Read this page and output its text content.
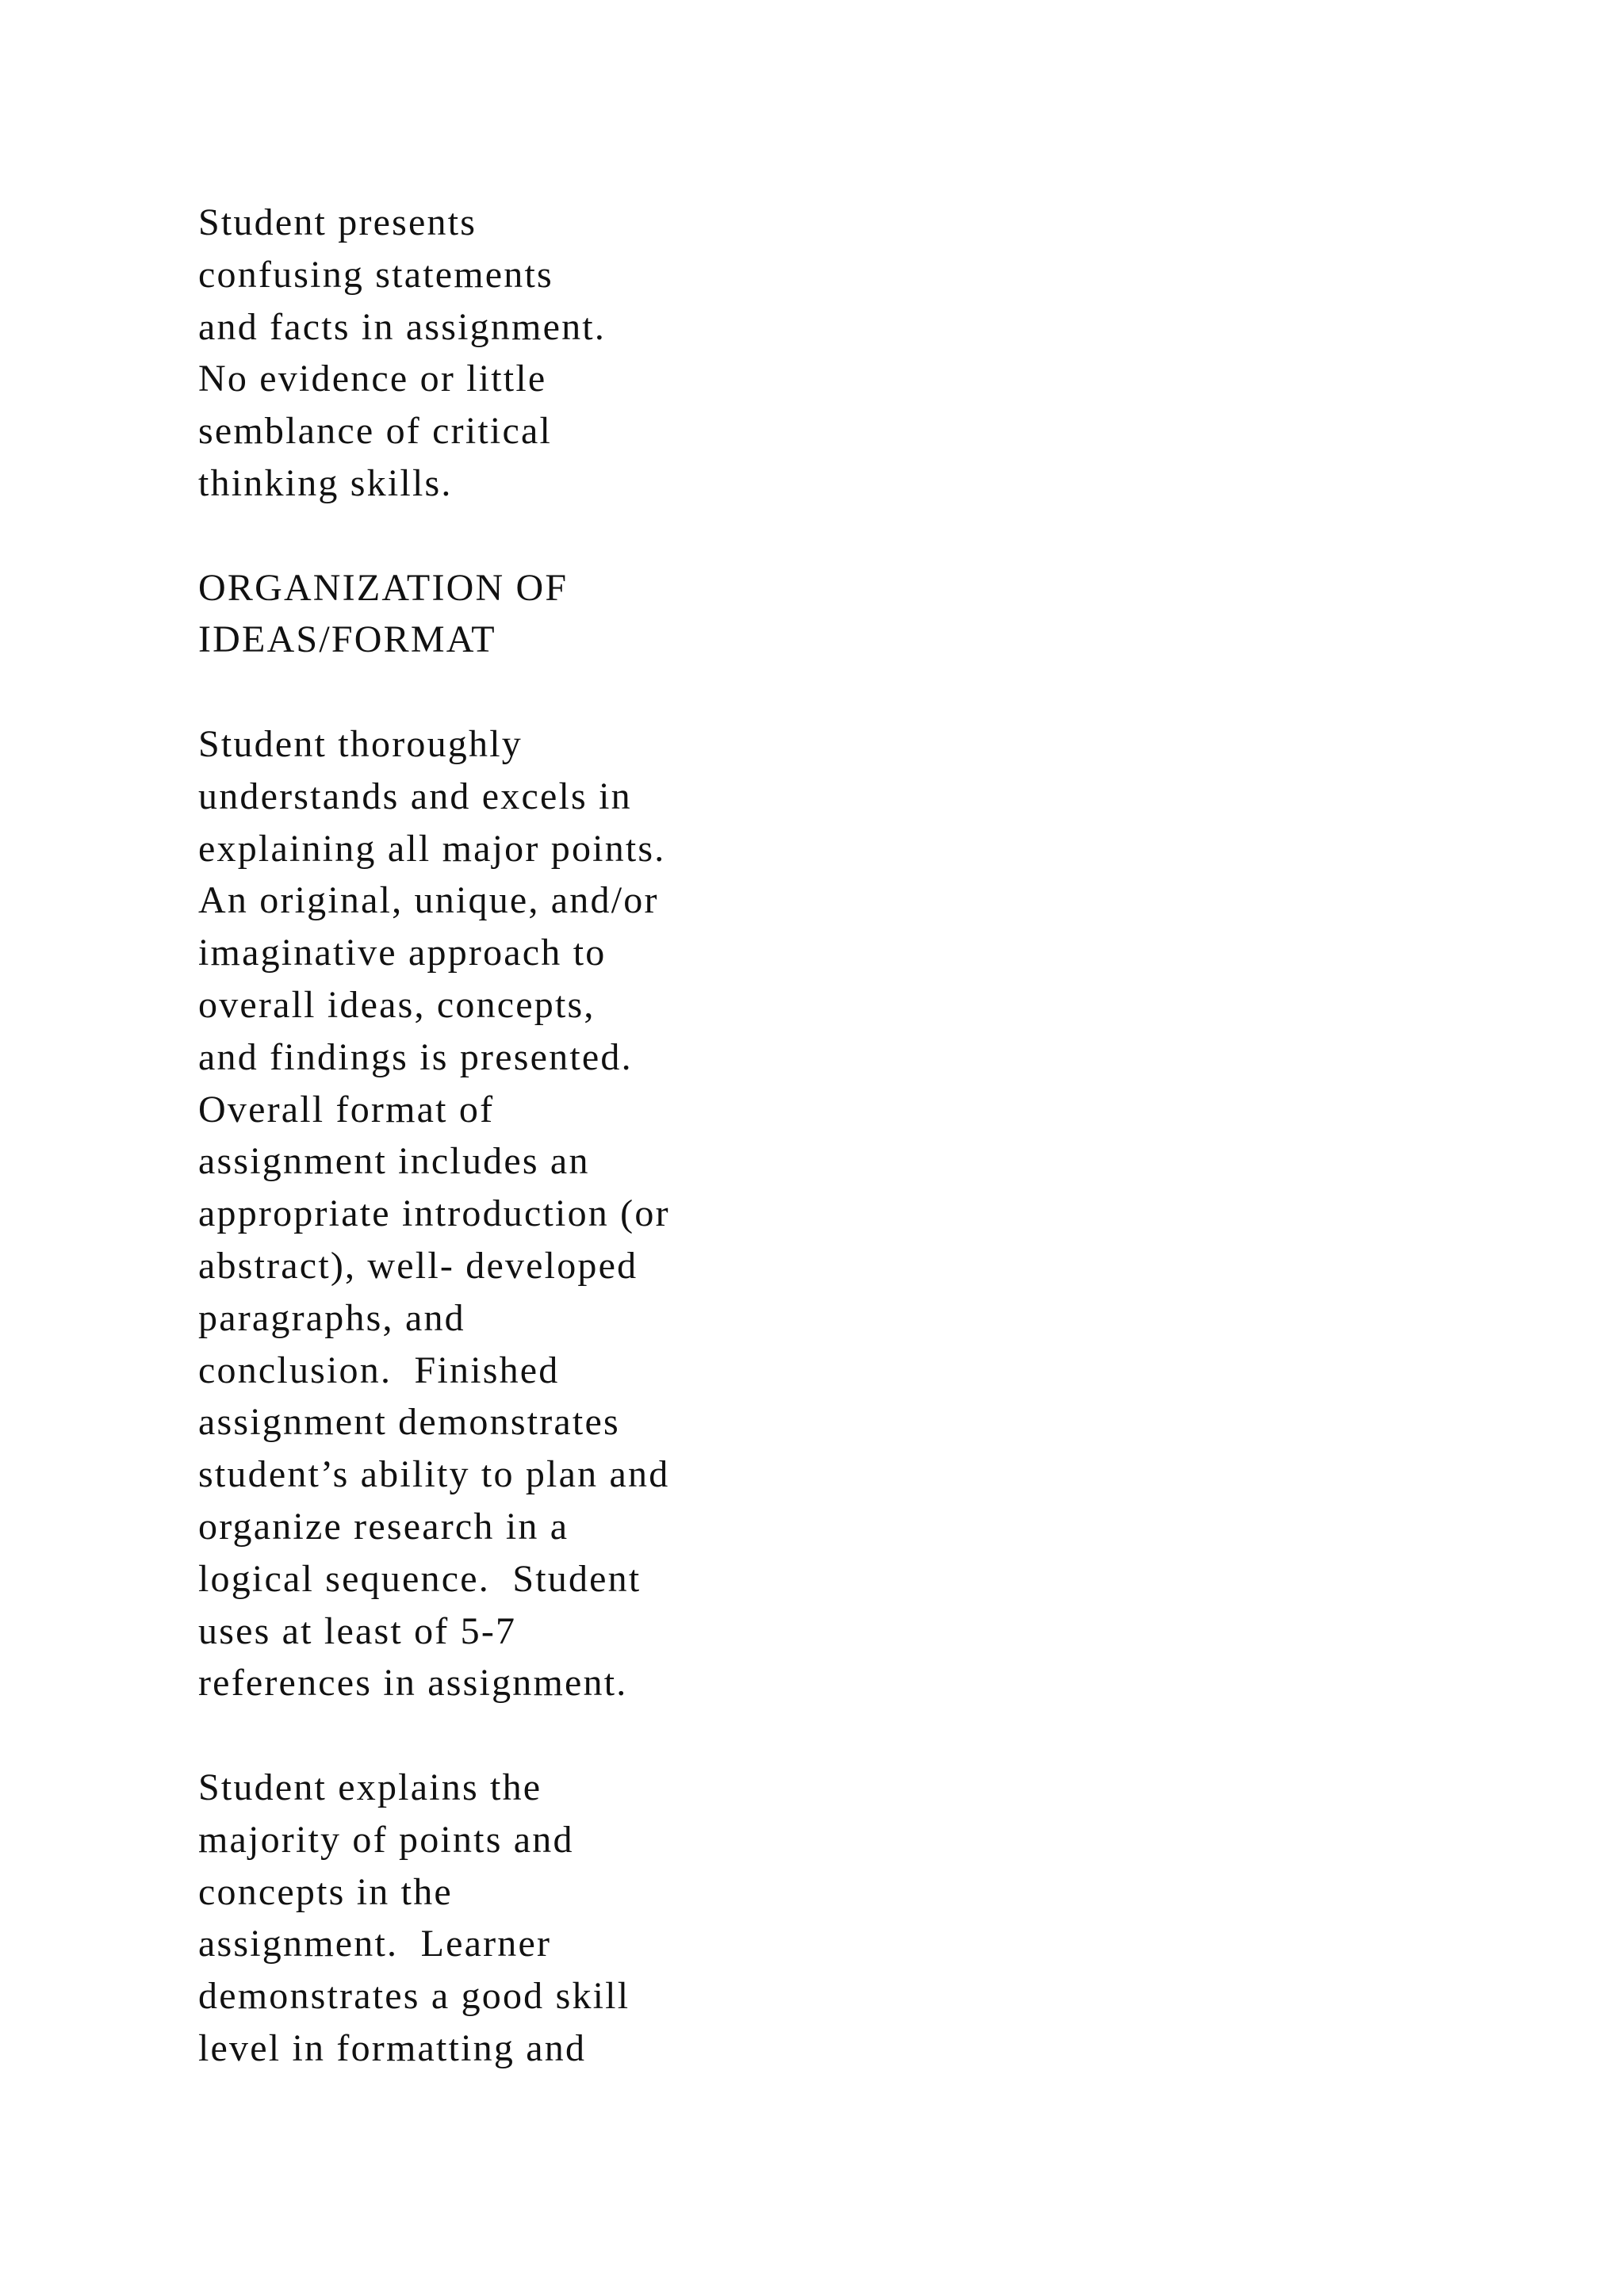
Student presents
confusing statements
and facts in assignment.
No evidence or little
semblance of critical
thinking skills.
ORGANIZATION OF
IDEAS/FORMAT
Student thoroughly
understands and excels in
explaining all major points.
An original, unique, and/or
imaginative approach to
overall ideas, concepts,
and findings is presented.
Overall format of
assignment includes an
appropriate introduction (or
abstract), well- developed
paragraphs, and
conclusion.  Finished
assignment demonstrates
student’s ability to plan and
organize research in a
logical sequence.  Student
uses at least of 5-7
references in assignment.
Student explains the
majority of points and
concepts in the
assignment.  Learner
demonstrates a good skill
level in formatting and
